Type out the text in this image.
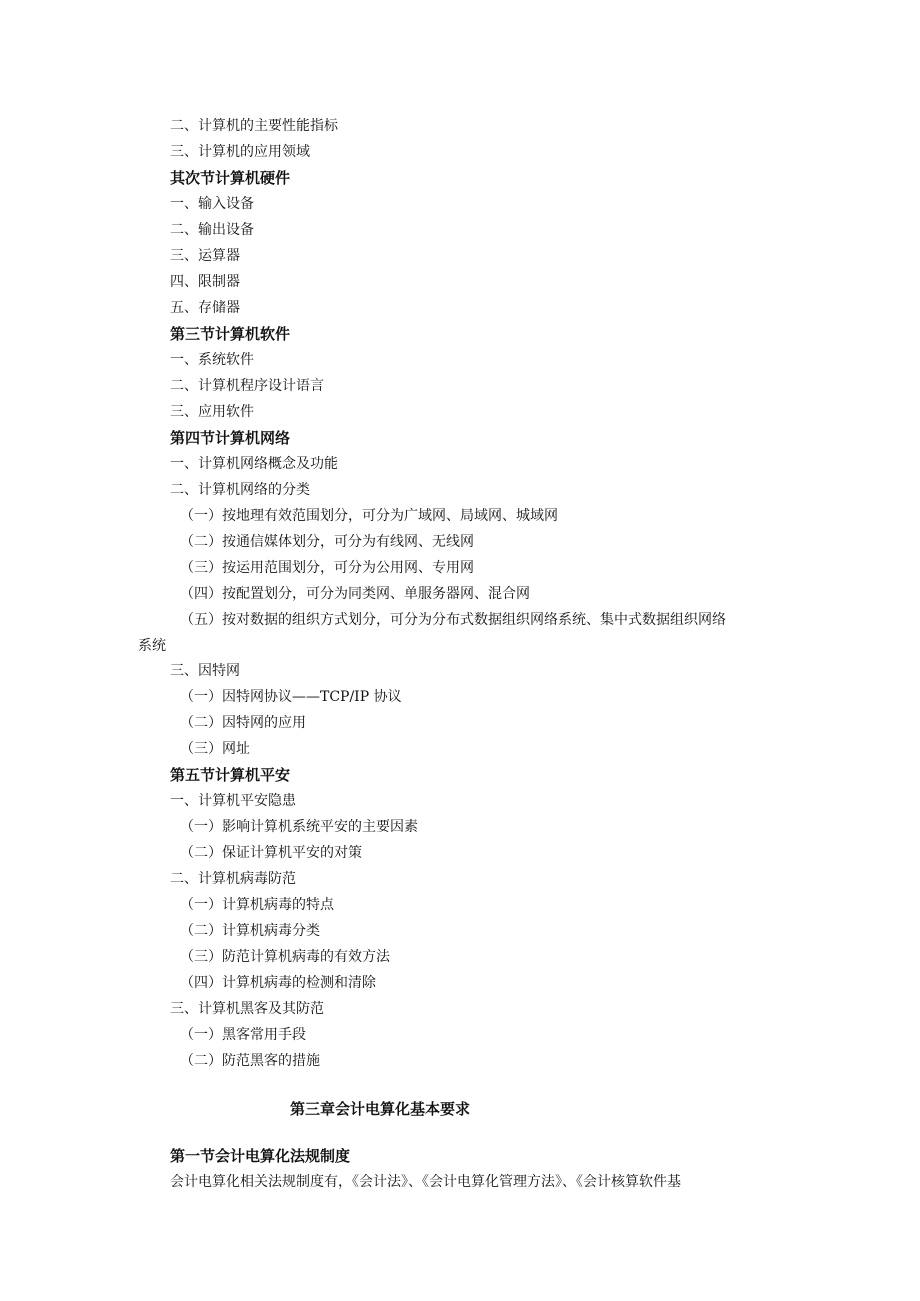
二、计算机的主要性能指标
三、计算机的应用领域
其次节计算机硬件
一、输入设备
二、输出设备
三、运算器
四、限制器
五、存储器
第三节计算机软件
一、系统软件
二、计算机程序设计语言
三、应用软件
第四节计算机网络
一、计算机网络概念及功能
二、计算机网络的分类
（一）按地理有效范围划分，可分为广域网、局域网、城域网
（二）按通信媒体划分，可分为有线网、无线网
（三）按运用范围划分，可分为公用网、专用网
（四）按配置划分，可分为同类网、单服务器网、混合网
（五）按对数据的组织方式划分，可分为分布式数据组织网络系统、集中式数据组织网络
系统
三、因特网
（一）因特网协议——TCP/IP 协议
（二）因特网的应用
（三）网址
第五节计算机平安
一、计算机平安隐患
（一）影响计算机系统平安的主要因素
（二）保证计算机平安的对策
二、计算机病毒防范
（一）计算机病毒的特点
（二）计算机病毒分类
（三）防范计算机病毒的有效方法
（四）计算机病毒的检测和清除
三、计算机黑客及其防范
（一）黑客常用手段
（二）防范黑客的措施
第三章会计电算化基本要求
第一节会计电算化法规制度
会计电算化相关法规制度有，《会计法》、《会计电算化管理方法》、《会计核算软件基
